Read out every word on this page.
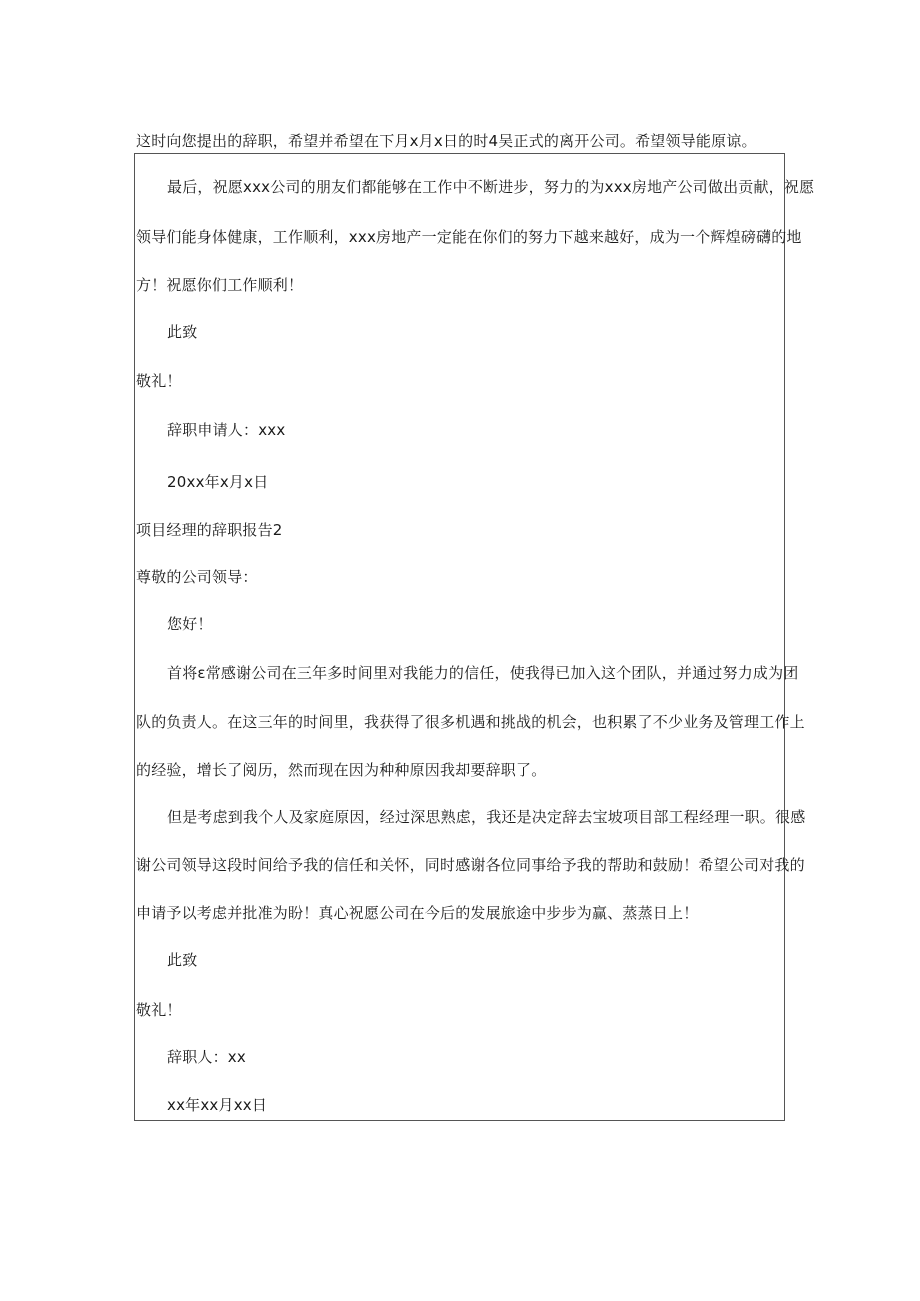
这时向您提出的辞职，希望并希望在下月x月x日的时4吴正式的离开公司。希望领导能原谅。
最后，祝愿xxx公司的朋友们都能够在工作中不断进步，努力的为xxx房地产公司做出贡献，祝愿
领导们能身体健康，工作顺利，xxx房地产一定能在你们的努力下越来越好，成为一个辉煌磅礴的地
方！祝愿你们工作顺利！
此致
敬礼！
辞职申请人：xxx
20xx年x月x日
项目经理的辞职报告2
尊敬的公司领导：
您好！
首将ε常感谢公司在三年多时间里对我能力的信任，使我得已加入这个团队，并通过努力成为团
队的负责人。在这三年的时间里，我获得了很多机遇和挑战的机会，也积累了不少业务及管理工作上
的经验，增长了阅历，然而现在因为种种原因我却要辞职了。
但是考虑到我个人及家庭原因，经过深思熟虑，我还是决定辞去宝坡项目部工程经理一职。很感
谢公司领导这段时间给予我的信任和关怀，同时感谢各位同事给予我的帮助和鼓励！希望公司对我的
申请予以考虑并批准为盼！真心祝愿公司在今后的发展旅途中步步为赢、蒸蒸日上！
此致
敬礼！
辞职人：xx
xx年xx月xx日
